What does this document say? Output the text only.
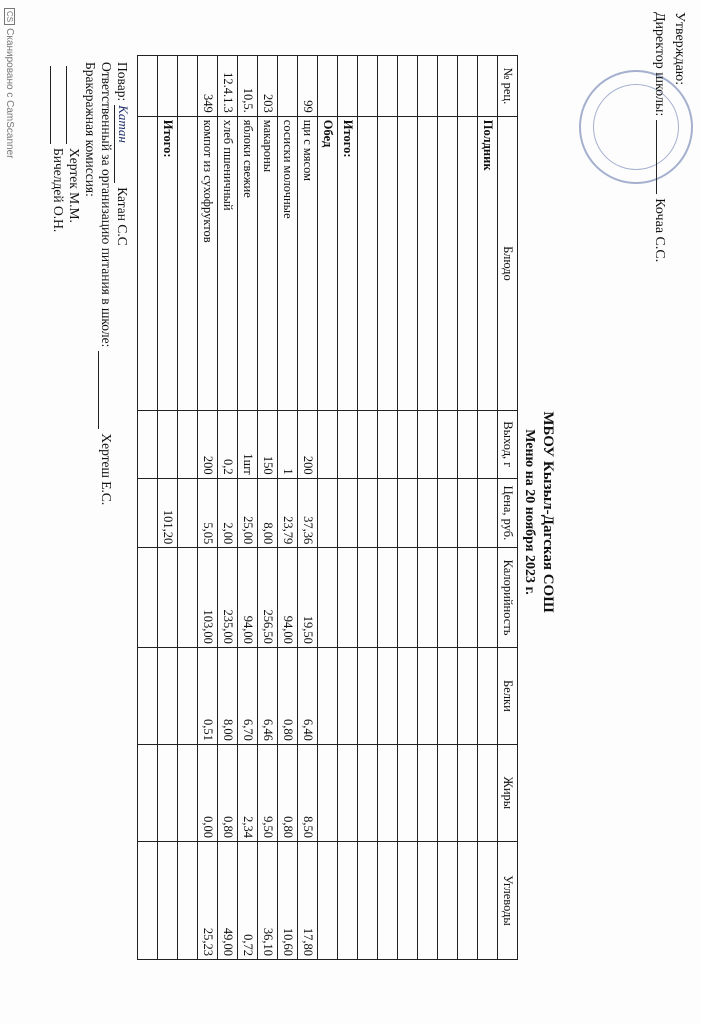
Утверждаю:
Директор школы:Кочаа С.С.
МБОУ Кызыл-Дагская СОШ
Меню на 20 ноября 2023 г.
№ рец.	Блюдо	Выход, г	Цена, руб.	Калорийность	Белки	Жиры	Углеводы
	Полдник						

	Итого:						
	Обед						
99	щи с мясом	200	37,36	19,50	6,40	8,50	17,80
	сосиски молочные	1	23,79	94,00	0,80	0,80	10,60
203	макароны	150	8,00	256,50	6,46	9,50	36,10
10,5.	яблоки свежие	1шт	25,00	94,00	6,70	2,34	0,72
12.4.1.3	хлеб пшеничный	0,2	2,00	235,00	8,00	0,80	49,00
349	компот из сухофруктов	200	5,05	103,00	0,51	0,00	25,23

	Итого:		101,20				

Повар:КатанКатан С.С
Ответственный за организацию питания в школе:Хертеш Е.С.
Бракеражная комиссия:
Хертек М.М.
Бичелдей О.Н.
CSСканировано с CamScanner
